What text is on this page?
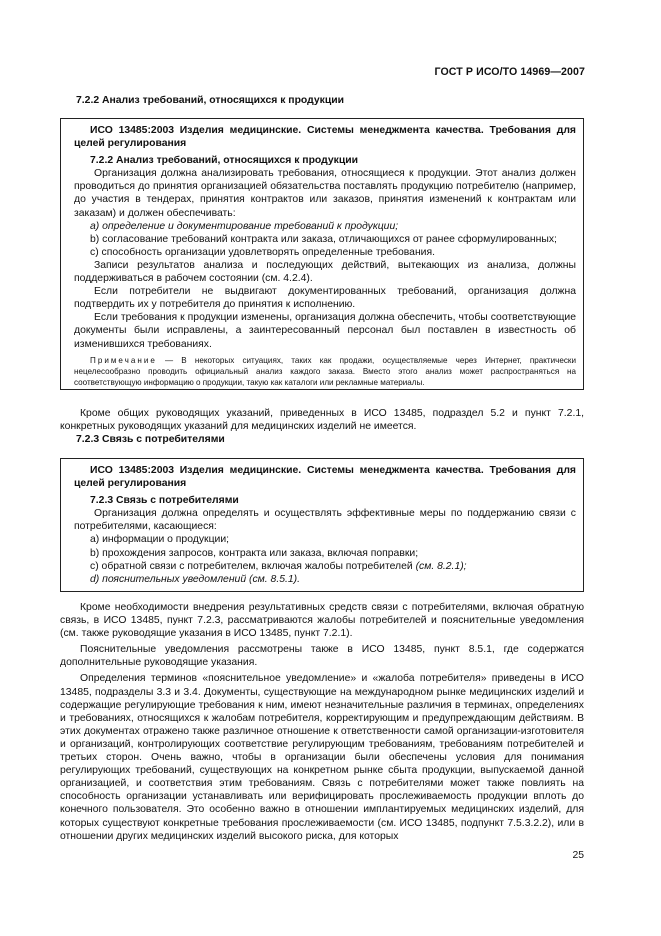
ГОСТ Р ИСО/ТО 14969—2007

7.2.2 Анализ требований, относящихся к продукции

ИСО 13485:2003 Изделия медицинские. Системы менеджмента качества. Требования для целей регулирования

7.2.2 Анализ требований, относящихся к продукции

Организация должна анализировать требования, относящиеся к продукции. Этот анализ должен проводиться до принятия организацией обязательства поставлять продукцию потребителю (например, до участия в тендерах, принятия контрактов или заказов, принятия изменений к контрактам или заказам) и должен обеспечивать:

а) определение и документирование требований к продукции;

b) согласование требований контракта или заказа, отличающихся от ранее сформулированных;

c) способность организации удовлетворять определенные требования.

Записи результатов анализа и последующих действий, вытекающих из анализа, должны поддерживаться в рабочем состоянии (см. 4.2.4).

Если потребители не выдвигают документированных требований, организация должна подтвердить их у потребителя до принятия к исполнению.

Если требования к продукции изменены, организация должна обеспечить, чтобы соответствующие документы были исправлены, а заинтересованный персонал был поставлен в известность об изменившихся требованиях.

Примечание — В некоторых ситуациях, таких как продажи, осуществляемые через Интернет, практически нецелесообразно проводить официальный анализ каждого заказа. Вместо этого анализ может распространяться на соответствующую информацию о продукции, такую как каталоги или рекламные материалы.

Кроме общих руководящих указаний, приведенных в ИСО 13485, подраздел 5.2 и пункт 7.2.1, конкретных руководящих указаний для медицинских изделий не имеется.

7.2.3 Связь с потребителями

ИСО 13485:2003 Изделия медицинские. Системы менеджмента качества. Требования для целей регулирования

7.2.3 Связь с потребителями

Организация должна определять и осуществлять эффективные меры по поддержанию связи с потребителями, касающиеся:

a) информации о продукции;

b) прохождения запросов, контракта или заказа, включая поправки;

c) обратной связи с потребителем, включая жалобы потребителей (см. 8.2.1);

d) пояснительных уведомлений (см. 8.5.1).

Кроме необходимости внедрения результативных средств связи с потребителями, включая обратную связь, в ИСО 13485, пункт 7.2.3, рассматриваются жалобы потребителей и пояснительные уведомления (см. также руководящие указания в ИСО 13485, пункт 7.2.1).

Пояснительные уведомления рассмотрены также в ИСО 13485, пункт 8.5.1, где содержатся дополнительные руководящие указания.

Определения терминов «пояснительное уведомление» и «жалоба потребителя» приведены в ИСО 13485, подразделы 3.3 и 3.4. Документы, существующие на международном рынке медицинских изделий и содержащие регулирующие требования к ним, имеют незначительные различия в терминах, определениях и требованиях, относящихся к жалобам потребителя, корректирующим и предупреждающим действиям. В этих документах отражено также различное отношение к ответственности самой организации-изготовителя и организаций, контролирующих соответствие регулирующим требованиям, требованиям потребителей и третьих сторон. Очень важно, чтобы в организации были обеспечены условия для понимания регулирующих требований, существующих на конкретном рынке сбыта продукции, выпускаемой данной организацией, и соответствия этим требованиям. Связь с потребителями может также повлиять на способность организации устанавливать или верифицировать прослеживаемость продукции вплоть до конечного пользователя. Это особенно важно в отношении имплантируемых медицинских изделий, для которых существуют конкретные требования прослеживаемости (см. ИСО 13485, подпункт 7.5.3.2.2), или в отношении других медицинских изделий высокого риска, для которых

25
